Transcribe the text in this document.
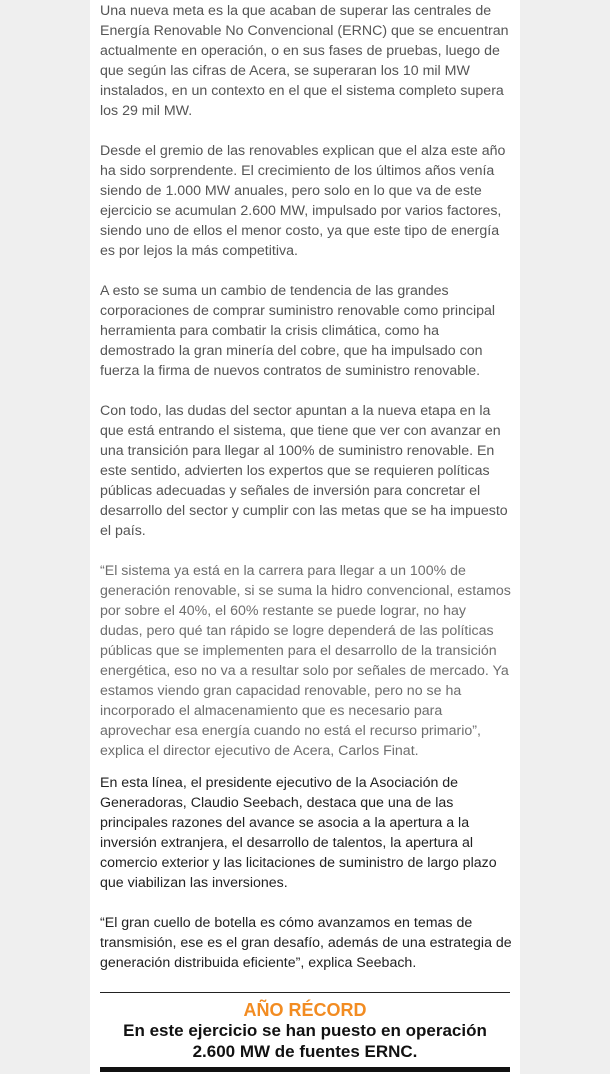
Una nueva meta es la que acaban de superar las centrales de Energía Renovable No Convencional (ERNC) que se encuentran actualmente en operación, o en sus fases de pruebas, luego de que según las cifras de Acera, se superaran los 10 mil MW instalados, en un contexto en el que el sistema completo supera los 29 mil MW.

Desde el gremio de las renovables explican que el alza este año ha sido sorprendente. El crecimiento de los últimos años venía siendo de 1.000 MW anuales, pero solo en lo que va de este ejercicio se acumulan 2.600 MW, impulsado por varios factores, siendo uno de ellos el menor costo, ya que este tipo de energía es por lejos la más competitiva.

A esto se suma un cambio de tendencia de las grandes corporaciones de comprar suministro renovable como principal herramienta para combatir la crisis climática, como ha demostrado la gran minería del cobre, que ha impulsado con fuerza la firma de nuevos contratos de suministro renovable.

Con todo, las dudas del sector apuntan a la nueva etapa en la que está entrando el sistema, que tiene que ver con avanzar en una transición para llegar al 100% de suministro renovable. En este sentido, advierten los expertos que se requieren políticas públicas adecuadas y señales de inversión para concretar el desarrollo del sector y cumplir con las metas que se ha impuesto el país.

“El sistema ya está en la carrera para llegar a un 100% de generación renovable, si se suma la hidro convencional, estamos por sobre el 40%, el 60% restante se puede lograr, no hay dudas, pero qué tan rápido se logre dependerá de las políticas públicas que se implementen para el desarrollo de la transición energética, eso no va a resultar solo por señales de mercado. Ya estamos viendo gran capacidad renovable, pero no se ha incorporado el almacenamiento que es necesario para aprovechar esa energía cuando no está el recurso primario”, explica el director ejecutivo de Acera, Carlos Finat.

En esta línea, el presidente ejecutivo de la Asociación de Generadoras, Claudio Seebach, destaca que una de las principales razones del avance se asocia a la apertura a la inversión extranjera, el desarrollo de talentos, la apertura al comercio exterior y las licitaciones de suministro de largo plazo que viabilizan las inversiones.

“El gran cuello de botella es cómo avanzamos en temas de transmisión, ese es el gran desafío, además de una estrategia de generación distribuida eficiente”, explica Seebach.

AÑO RÉCORD
En este ejercicio se han puesto en operación 2.600 MW de fuentes ERNC.
